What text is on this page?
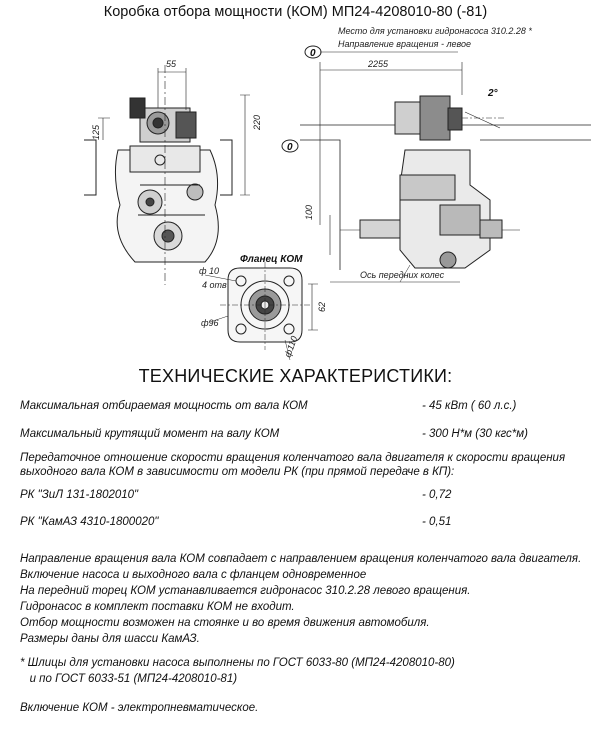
Коробка отбора мощности (КОМ) МП24-4208010-80 (-81)
55
220
125
2255
100
2°
0
0
Место для установки гидронасоса 310.2.28 *
Направление вращения - левое
Ось передних колес
Фланец КОМ
ф 10
4 отв
ф96
ф110
62
ТЕХНИЧЕСКИЕ ХАРАКТЕРИСТИКИ:
Максимальная отбираемая мощность от вала КОМ	- 45 кВт ( 60 л.с.)
Максимальный крутящий момент на валу КОМ	- 300 Н*м (30 кгс*м)
Передаточное отношение скорости вращения коленчатого вала двигателя к скорости вращения
выходного вала КОМ в зависимости от модели РК (при прямой передаче в КП):
РК "ЗиЛ 131-1802010"	- 0,72
РК "КамАЗ 4310-1800020"	- 0,51
Направление вращения вала КОМ совпадает с направлением вращения коленчатого вала двигателя.
Включение насоса и выходного вала с фланцем одновременное
На передний торец КОМ устанавливается гидронасос 310.2.28 левого вращения.
Гидронасос в комплект поставки КОМ не входит.
Отбор мощности возможен на стоянке и во время движения автомобиля.
Размеры даны для шасси КамАЗ.
* Шлицы для установки насоса выполнены по ГОСТ 6033-80 (МП24-4208010-80)
и по ГОСТ 6033-51 (МП24-4208010-81)
Включение КОМ - электропневматическое.
